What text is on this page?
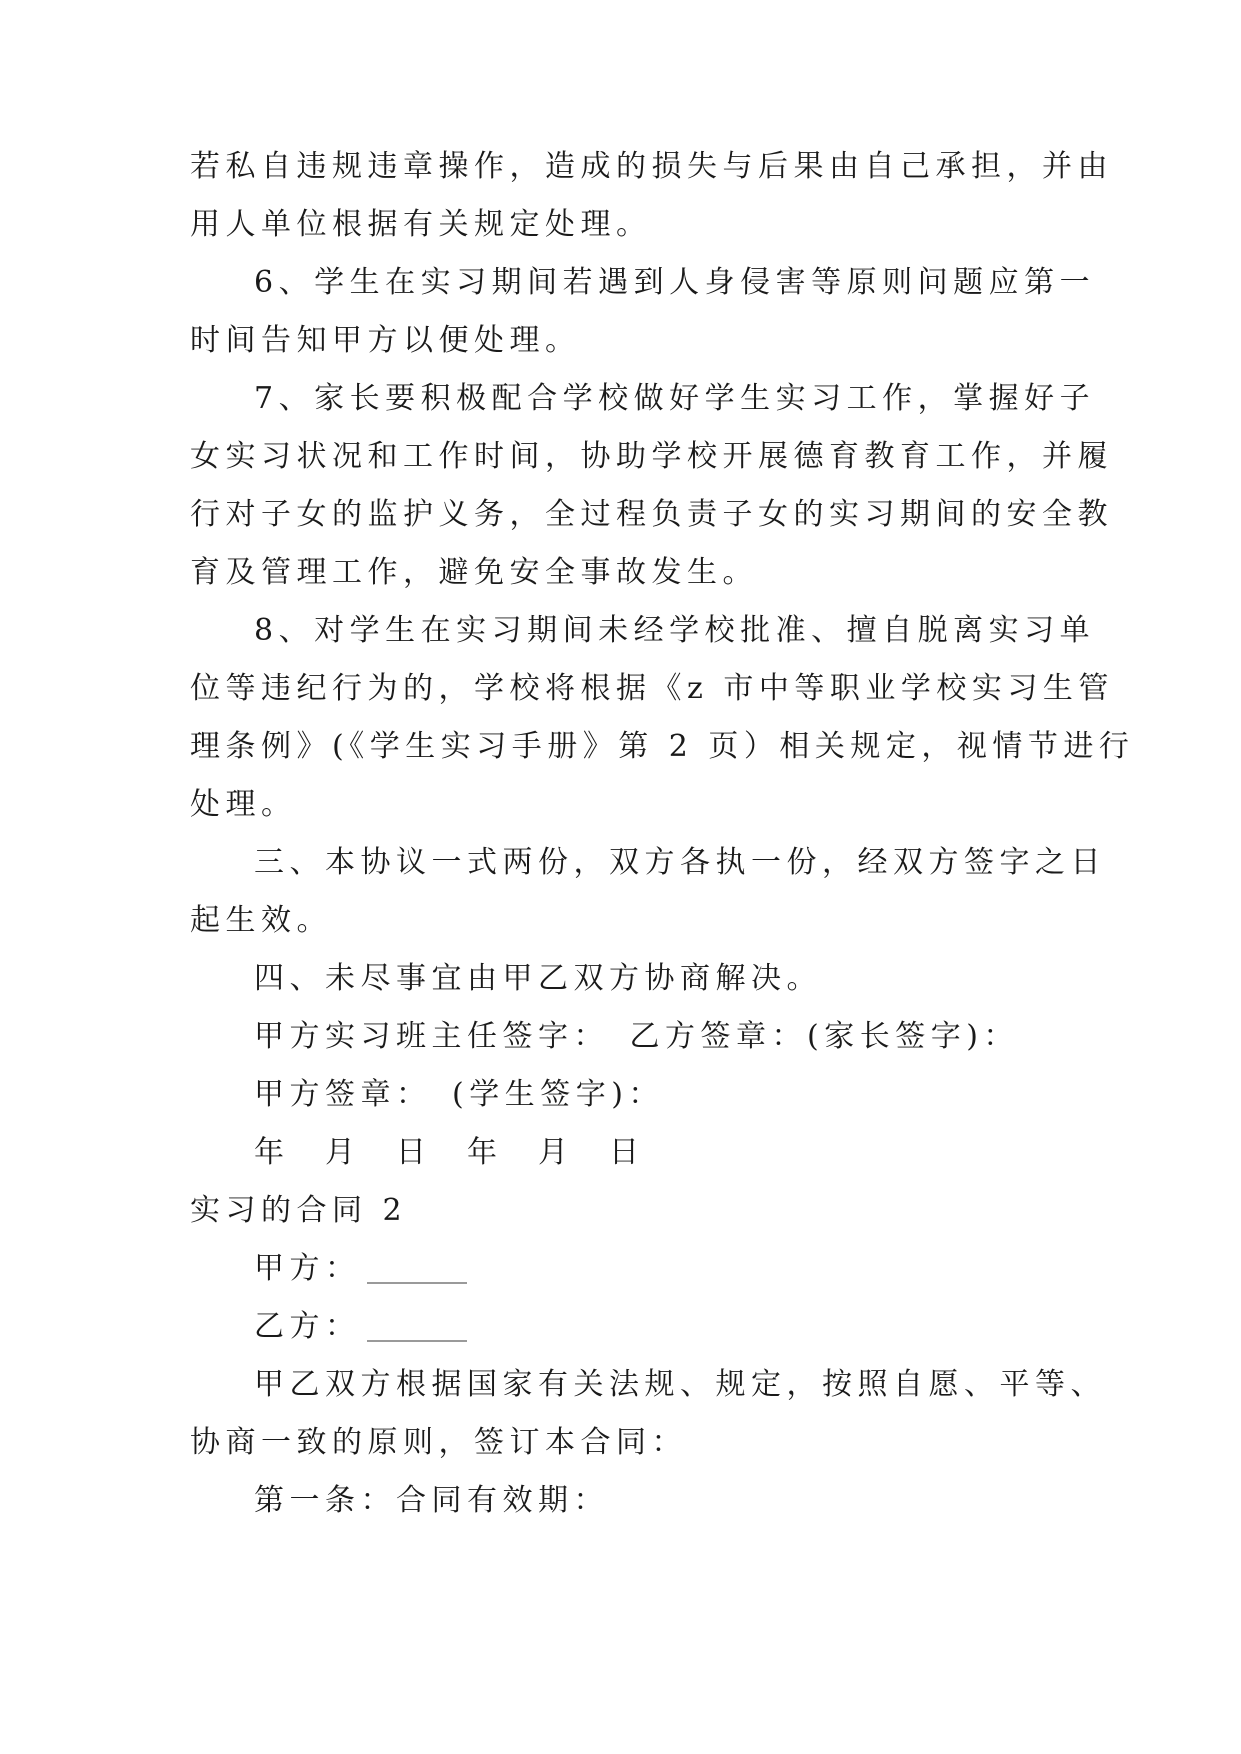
若私自违规违章操作，造成的损失与后果由自己承担，并由
用人单位根据有关规定处理。
6、学生在实习期间若遇到人身侵害等原则问题应第一
时间告知甲方以便处理。
7、家长要积极配合学校做好学生实习工作，掌握好子
女实习状况和工作时间，协助学校开展德育教育工作，并履
行对子女的监护义务，全过程负责子女的实习期间的安全教
育及管理工作，避免安全事故发生。
8、对学生在实习期间未经学校批准、擅自脱离实习单
位等违纪行为的，学校将根据《z 市中等职业学校实习生管
理条例》(《学生实习手册》第 2 页）相关规定，视情节进行
处理。
三、本协议一式两份，双方各执一份，经双方签字之日
起生效。
四、未尽事宜由甲乙双方协商解决。
甲方实习班主任签字：　乙方签章：(家长签字)：
甲方签章：　(学生签字)：
年　月　日　年　月　日
实习的合同 2
甲方：
乙方：
甲乙双方根据国家有关法规、规定，按照自愿、平等、
协商一致的原则，签订本合同：
第一条：合同有效期：
